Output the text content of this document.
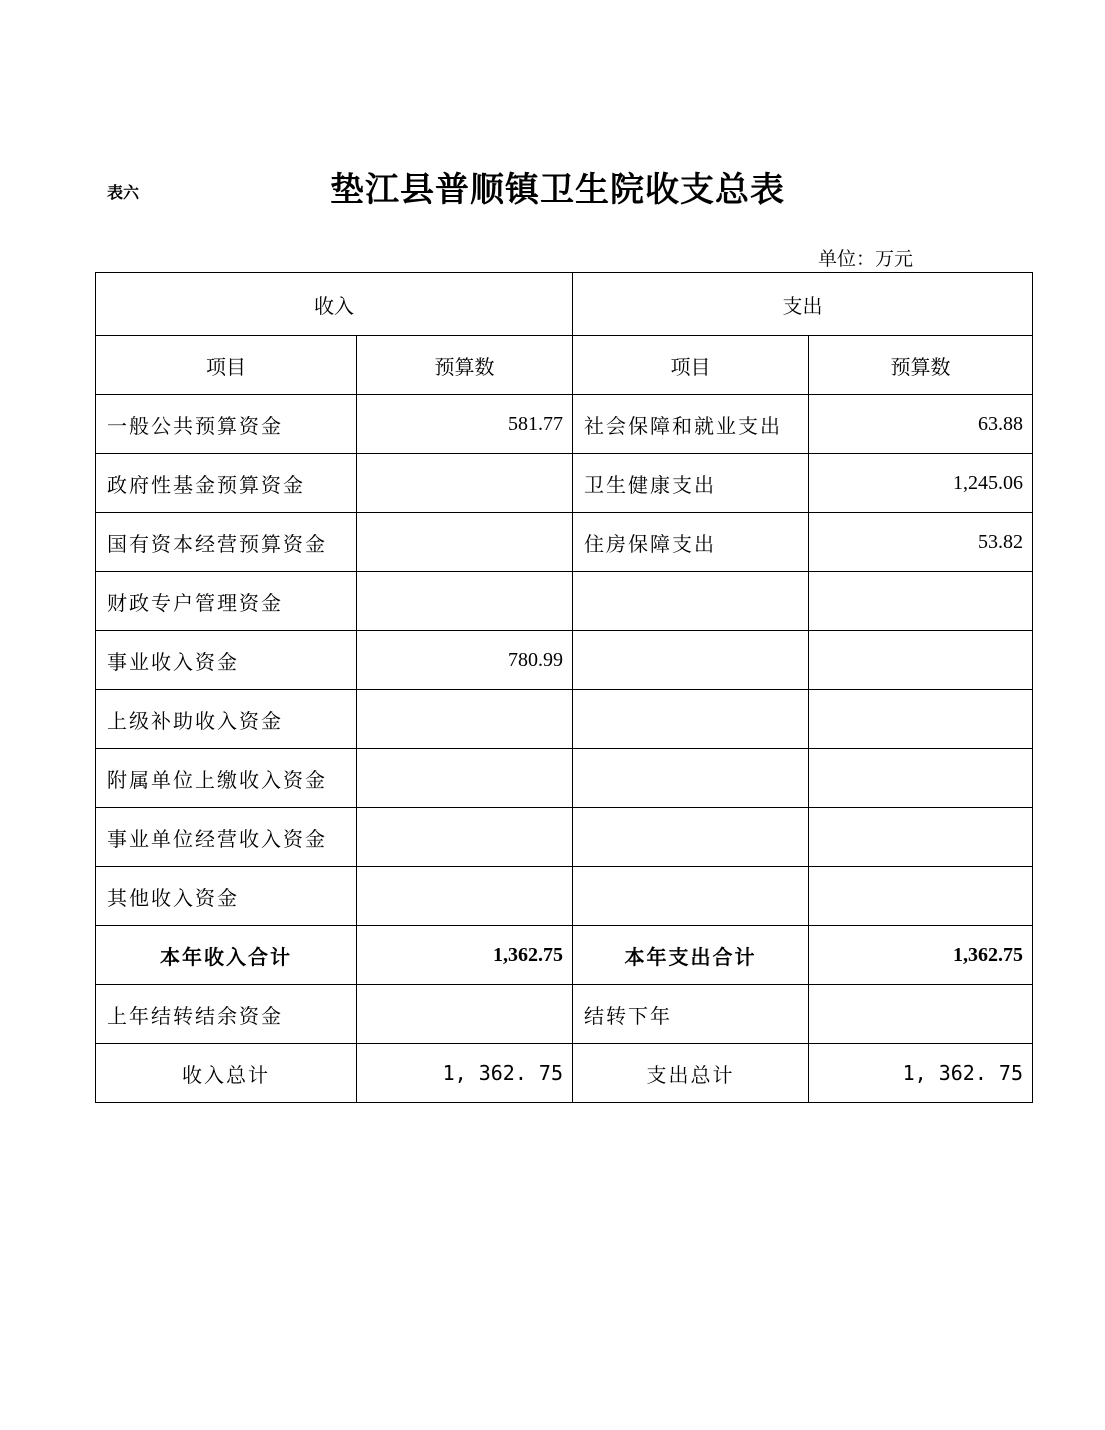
表六	垫江县普顺镇卫生院收支总表
单位：万元
收入		支出	
项目	预算数	项目	预算数
一般公共预算资金	581.77	社会保障和就业支出	63.88
政府性基金预算资金		卫生健康支出	1,245.06
国有资本经营预算资金		住房保障支出	53.82
财政专户管理资金			
事业收入资金	780.99		
上级补助收入资金			
附属单位上缴收入资金			
事业单位经营收入资金			
其他收入资金			
本年收入合计	1,362.75	本年支出合计	1,362.75
上年结转结余资金		结转下年	
收入总计	1, 362. 75	支出总计	1, 362. 75
